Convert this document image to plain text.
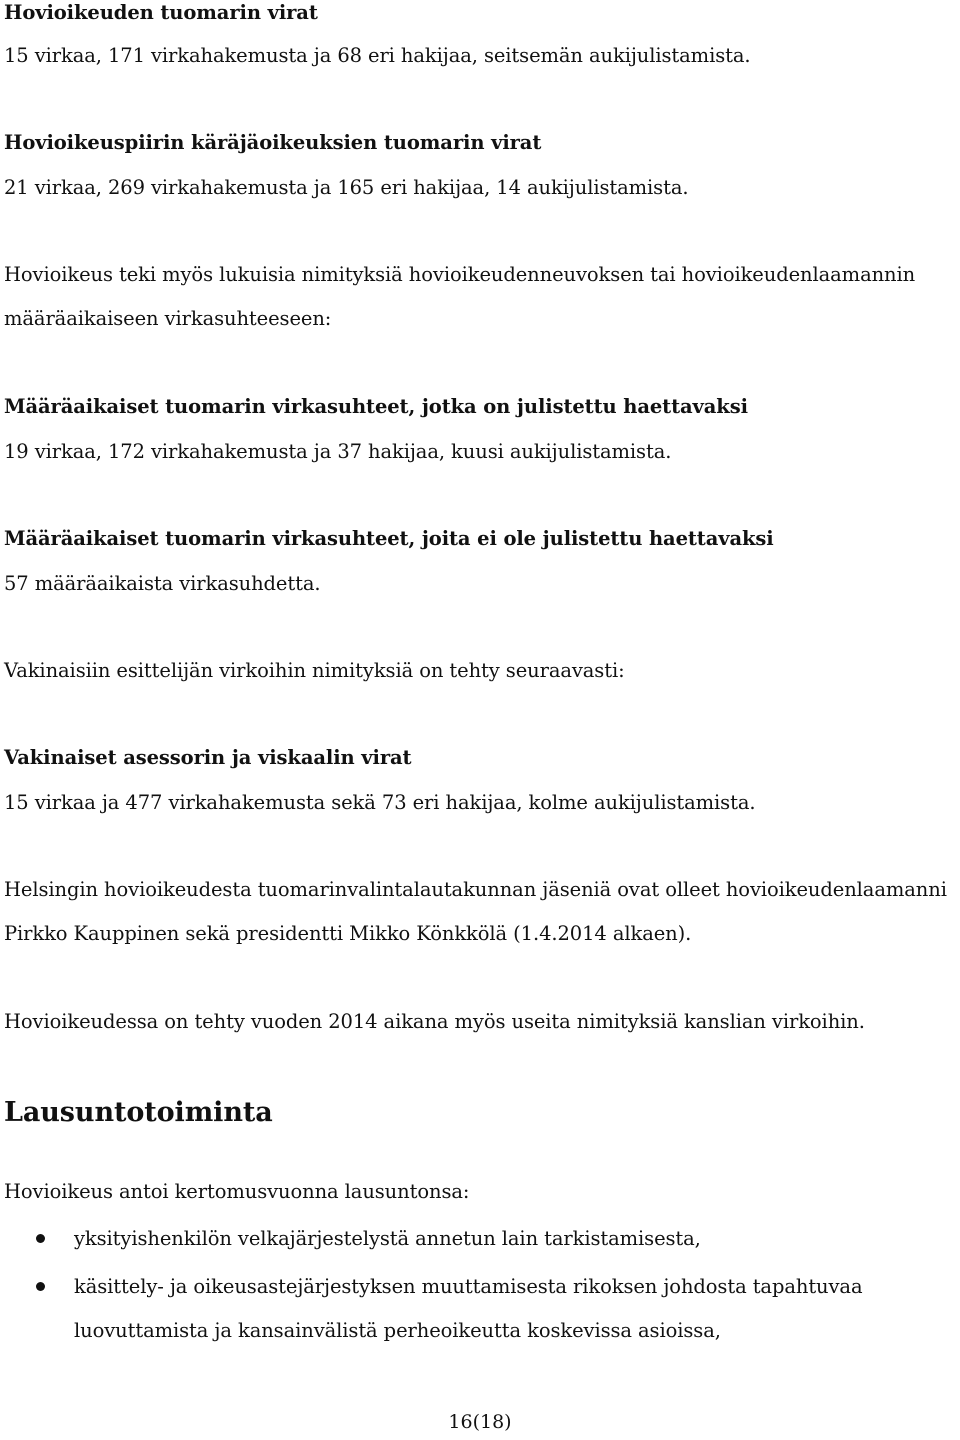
Hovioikeuden tuomarin virat
15 virkaa, 171 virkahakemusta ja 68 eri hakijaa, seitsemän aukijulistamista.
Hovioikeuspiirin käräjäoikeuksien tuomarin virat
21 virkaa, 269 virkahakemusta ja 165 eri hakijaa, 14 aukijulistamista.
Hovioikeus teki myös lukuisia nimityksiä hovioikeudenneuvoksen tai hovioikeudenlaamannin
määräaikaiseen virkasuhteeseen:
Määräaikaiset tuomarin virkasuhteet, jotka on julistettu haettavaksi
19 virkaa, 172 virkahakemusta ja 37 hakijaa, kuusi aukijulistamista.
Määräaikaiset tuomarin virkasuhteet, joita ei ole julistettu haettavaksi
57 määräaikaista virkasuhdetta.
Vakinaisiin esittelijän virkoihin nimityksiä on tehty seuraavasti:
Vakinaiset asessorin ja viskaalin virat
15 virkaa ja 477 virkahakemusta sekä 73 eri hakijaa, kolme aukijulistamista.
Helsingin hovioikeudesta tuomarinvalintalautakunnan jäseniä ovat olleet hovioikeudenlaamanni
Pirkko Kauppinen sekä presidentti Mikko Könkkölä (1.4.2014 alkaen).
Hovioikeudessa on tehty vuoden 2014 aikana myös useita nimityksiä kanslian virkoihin.
Lausuntotoiminta
Hovioikeus antoi kertomusvuonna lausuntonsa:
yksityishenkilön velkajärjestelystä annetun lain tarkistamisesta,
käsittely- ja oikeusastejärjestyksen muuttamisesta rikoksen johdosta tapahtuvaa
luovuttamista ja kansainvälistä perheoikeutta koskevissa asioissa,
16(18)
